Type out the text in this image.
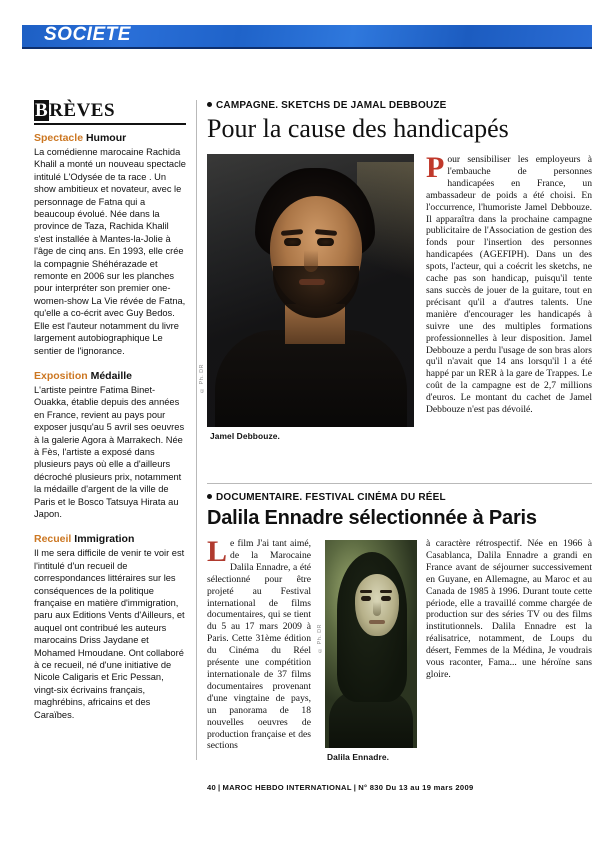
SOCIETE
BRÈVES
Spectacle Humour
La comédienne marocaine Rachida Khalil a monté un nouveau spectacle intitulé L'Odysée de ta race . Un show ambitieux et novateur, avec le personnage de Fatna qui a beaucoup évolué. Née dans la province de Taza, Rachida Khalil s'est installée à Mantes-la-Jolie à l'âge de cinq ans. En 1993, elle crée la compagnie Shéhérazade et remonte en 2006 sur les planches pour interpréter son premier one-women-show La Vie révée de Fatna, qu'elle a co-écrit avec Guy Bedos. Elle est l'auteur notamment du livre largement autobiographique Le sentier de l'ignorance.
Exposition Médaille
L'artiste peintre Fatima Binet-Ouakka, établie depuis des années en France, revient au pays pour exposer jusqu'au 5 avril ses oeuvres à la galerie Agora à Marrakech. Née à Fès, l'artiste a exposé dans plusieurs pays où elle a d'ailleurs décroché plusieurs prix, notamment la médaille d'argent de la ville de Paris et le Bosco Tatsuya Hirata au Japon.
Recueil Immigration
Il me sera difficile de venir te voir est l'intitulé d'un recueil de correspondances littéraires sur les conséquences de la politique française en matière d'immigration, paru aux Editions Vents d'Ailleurs, et auquel ont contribué les auteurs marocains Driss Jaydane et Mohamed Hmoudane. Ont collaboré à ce recueil, né d'une initiative de Nicole Caligaris et Eric Pessan, vingt-six écrivains français, maghrébins, africains et des Caraïbes.
CAMPAGNE. SKETCHS DE JAMAL DEBBOUZE
Pour la cause des handicapés
© Ph. DR
Jamel Debbouze.
Pour sensibiliser les employeurs à l'embauche de personnes handicapées en France, un ambassadeur de poids a été choisi. En l'occurrence, l'humoriste Jamel Debbouze. Il apparaîtra dans la prochaine campagne publicitaire de l'Association de gestion des fonds pour l'insertion des personnes handicapées (AGEFIPH). Dans un des spots, l'acteur, qui a coécrit les sketchs, ne cache pas son handicap, puisqu'il tente sans succès de jouer de la guitare, tout en précisant qu'il a d'autres talents. Une manière d'encourager les handicapés à suivre une des multiples formations professionnelles à leur disposition. Jamel Debbouze a perdu l'usage de son bras alors qu'il n'avait que 14 ans lorsqu'il l a été happé par un RER à la gare de Trappes. Le coût de la campagne est de 2,7 millions d'euros. Le montant du cachet de Jamel Debbouze n'est pas dévoilé.
DOCUMENTAIRE. FESTIVAL CINÉMA DU RÉEL
Dalila Ennadre sélectionnée à Paris
Le film J'ai tant aimé, de la Marocaine Dalila Ennadre, a été sélectionné pour être projeté au Festival international de films documentaires, qui se tient du 5 au 17 mars 2009 à Paris. Cette 31ème édition du Cinéma du Réel présente une compétition internationale de 37 films documentaires provenant d'une vingtaine de pays, un panorama de 18 nouvelles oeuvres de production française et des sections
© Ph. DR
Dalila Ennadre.
à caractère rétrospectif. Née en 1966 à Casablanca, Dalila Ennadre a grandi en France avant de séjourner successivement en Guyane, en Allemagne, au Maroc et au Canada de 1985 à 1996. Durant toute cette période, elle a travaillé comme chargée de production sur des séries TV ou des films institutionnels. Dalila Ennadre est la réalisatrice, notamment, de Loups du désert, Femmes de la Médina, Je voudrais vous raconter, Fama... une héroïne sans gloire.
40 | MAROC HEBDO INTERNATIONAL | N° 830 Du 13 au 19 mars 2009
